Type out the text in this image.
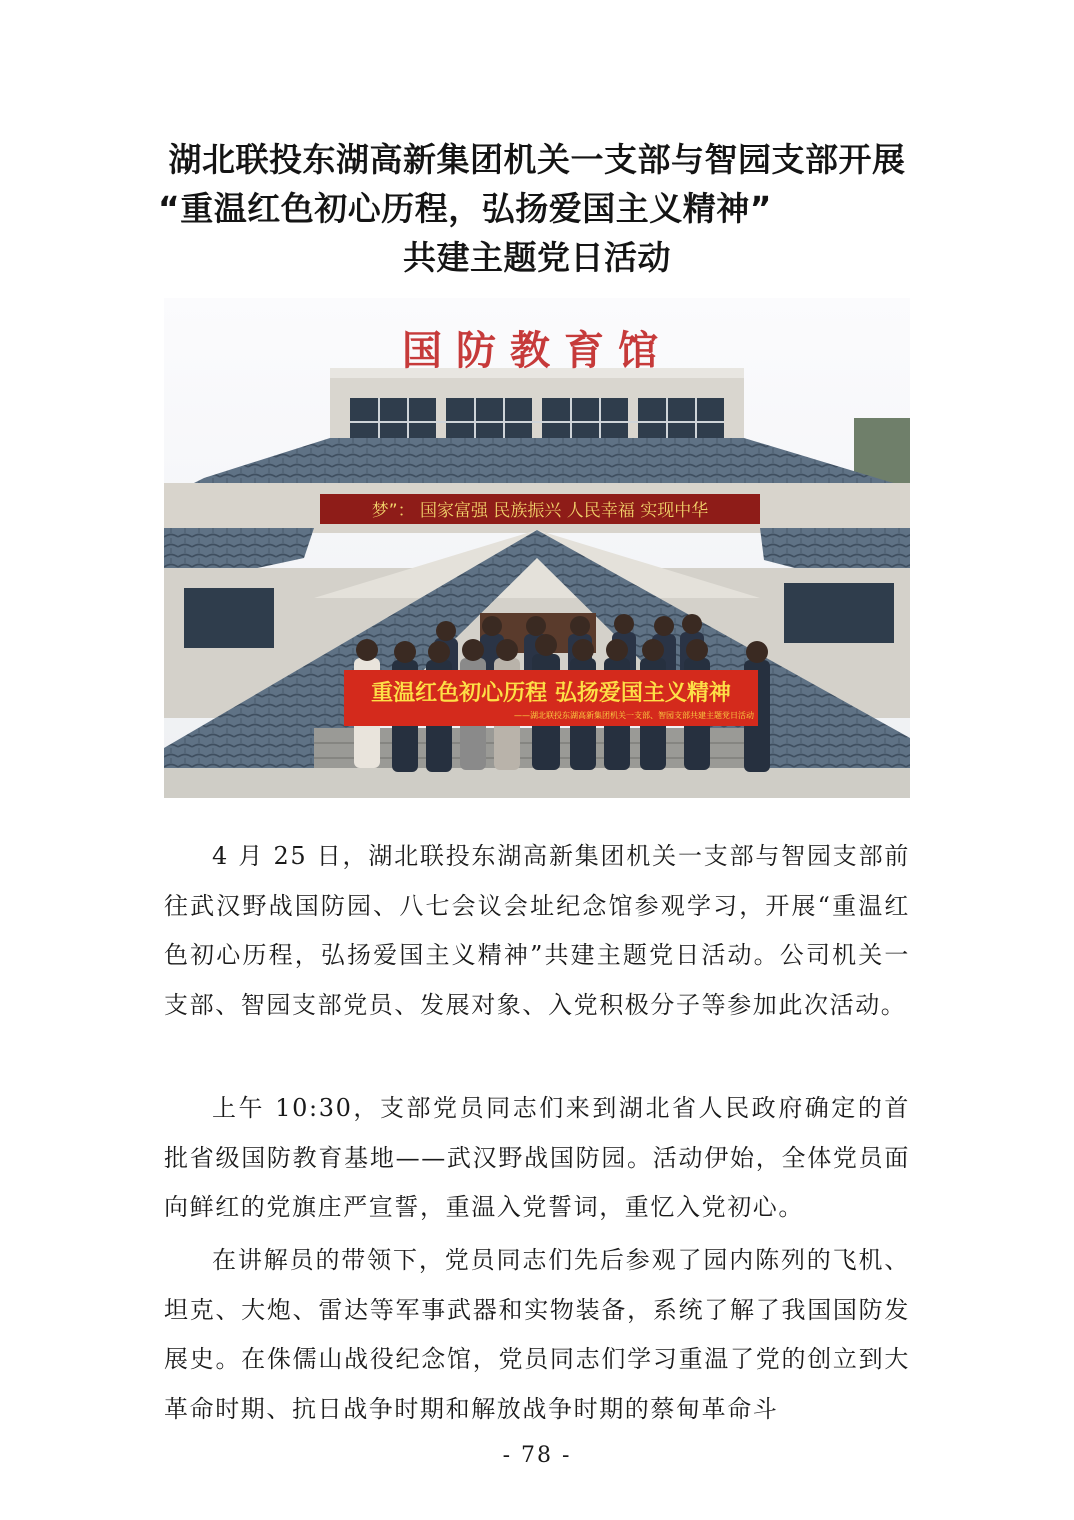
湖北联投东湖高新集团机关一支部与智园支部开展
“重温红色初心历程，弘扬爱国主义精神”
共建主题党日活动
国防教育馆
梦”： 国家富强 民族振兴 人民幸福 实现中华
重温红色初心历程 弘扬爱国主义精神
——湖北联投东湖高新集团机关一支部、智园支部共建主题党日活动

4 月 25 日，湖北联投东湖高新集团机关一支部与智园支部前往武汉野战国防园、八七会议会址纪念馆参观学习，开展“重温红色初心历程，弘扬爱国主义精神”共建主题党日活动。公司机关一支部、智园支部党员、发展对象、入党积极分子等参加此次活动。

上午 10:30，支部党员同志们来到湖北省人民政府确定的首批省级国防教育基地——武汉野战国防园。活动伊始，全体党员面向鲜红的党旗庄严宣誓，重温入党誓词，重忆入党初心。

在讲解员的带领下，党员同志们先后参观了园内陈列的飞机、坦克、大炮、雷达等军事武器和实物装备，系统了解了我国国防发展史。在侏儒山战役纪念馆，党员同志们学习重温了党的创立到大革命时期、抗日战争时期和解放战争时期的蔡甸革命斗

- 78 -
